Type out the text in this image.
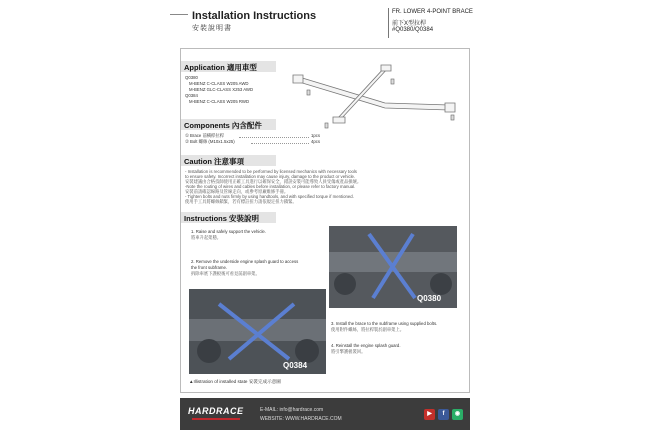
Installation Instructions
安裝說明書
FR. LOWER 4-POINT BRACE
前下X型拉桿
#Q0380/Q0384
Application 適用車型
Q0380
M-BENZ C-CLASS W205 AWD
M-BENZ GLC-CLASS X253 AWD
Q0384
M-BENZ C-CLASS W205 RWD
Components 內含配件
① Brace 前橫桿拉桿	1pcs
② Bolt 螺絲 (M10x1.5x25)	4pcs
Caution 注意事項
- Installation is recommended to be performed by licensed mechanics with necessary tools
to ensure safety. Incorrect installation may cause injury, damage to the product or vehicle.
安裝建議由合格技師使用正確工具進行以確保安全，錯誤安裝可能導致人員受傷或產品損壞。
-Note the routing of wires and cables before installation, or please refer to factory manual.
安裝前請確認線路及管線走向，或參考原廠維修手冊。
- Tighten bolts and nuts firmly by using handtools, and with specified torque if mentioned.
使用手工具將螺絲鎖緊，若有標註扭力請依規定扭力鎖緊。
Instructions 安裝說明
1. Raise and safely support the vehicle.
將車升起架穩。
2. Remove the underside engine splash guard to access
the front subframe.
拆除車底下護板後可看見前副車架。
Q0384
▲Illistration of installed state 安裝完成示意圖
Q0380
3. Install the brace to the subframe using supplied bolts.
使用附件螺絲，將拉桿裝於副車架上。
4. Reinstall the engine splash guard.
將引擎護板裝回。
HARDRACE	E-MAIL: info@hardrace.com
WEBSITE: WWW.HARDRACE.COM
▶	f	◉
